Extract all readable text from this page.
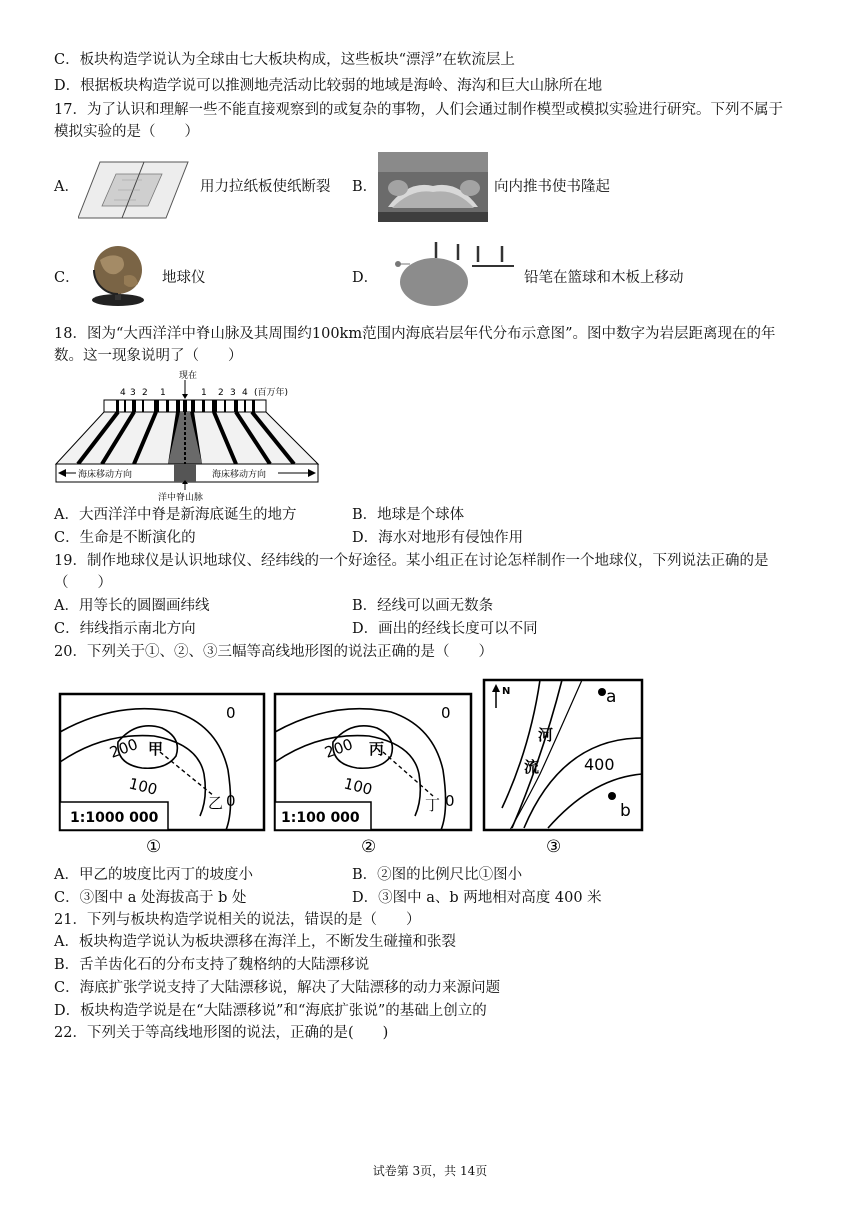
C．板块构造学说认为全球由七大板块构成，这些板块“漂浮”在软流层上
D．根据板块构造学说可以推测地壳活动比较弱的地域是海岭、海沟和巨大山脉所在地
17．为了认识和理解一些不能直接观察到的或复杂的事物，人们会通过制作模型或模拟实验进行研究。下列不属于
模拟实验的是（　　）
A．	用力拉纸板使纸断裂 B．	向内推书使书隆起
C．	地球仪	D．	铅笔在篮球和木板上移动
18．图为“大西洋洋中脊山脉及其周围约100km范围内海底岩层年代分布示意图”。图中数字为岩层距离现在的年
数。这一现象说明了（　　）
现在
4 3 2 1	1 2 3 4 (百万年)
海床移动方向	海床移动方向
洋中脊山脉
A．大西洋洋中脊是新海底诞生的地方	B．地球是个球体
C．生命是不断演化的	D．海水对地形有侵蚀作用
19．制作地球仪是认识地球仪、经纬线的一个好途径。某小组正在讨论怎样制作一个地球仪，下列说法正确的是
（　　）
A．用等长的圆圈画纬线	B．经线可以画无数条
C．纬线指示南北方向	D．画出的经线长度可以不同
20．下列关于①、②、③三幅等高线地形图的说法正确的是（　　）
0
200
100
甲
乙 0
1:1000 000
①
0
200
100
丙
丁 0
1:100 000
②
N	a
b
河
流	400
③
A．甲乙的坡度比丙丁的坡度小	B．②图的比例尺比①图小
C．③图中 a 处海拔高于 b 处	D．③图中 a、b 两地相对高度 400 米
21．下列与板块构造学说相关的说法，错误的是（　　）
A．板块构造学说认为板块漂移在海洋上，不断发生碰撞和张裂
B．舌羊齿化石的分布支持了魏格纳的大陆漂移说
C．海底扩张学说支持了大陆漂移说，解决了大陆漂移的动力来源问题
D．板块构造学说是在“大陆漂移说”和“海底扩张说”的基础上创立的
22．下列关于等高线地形图的说法，正确的是(　　)
试卷第 3页，共 14页
